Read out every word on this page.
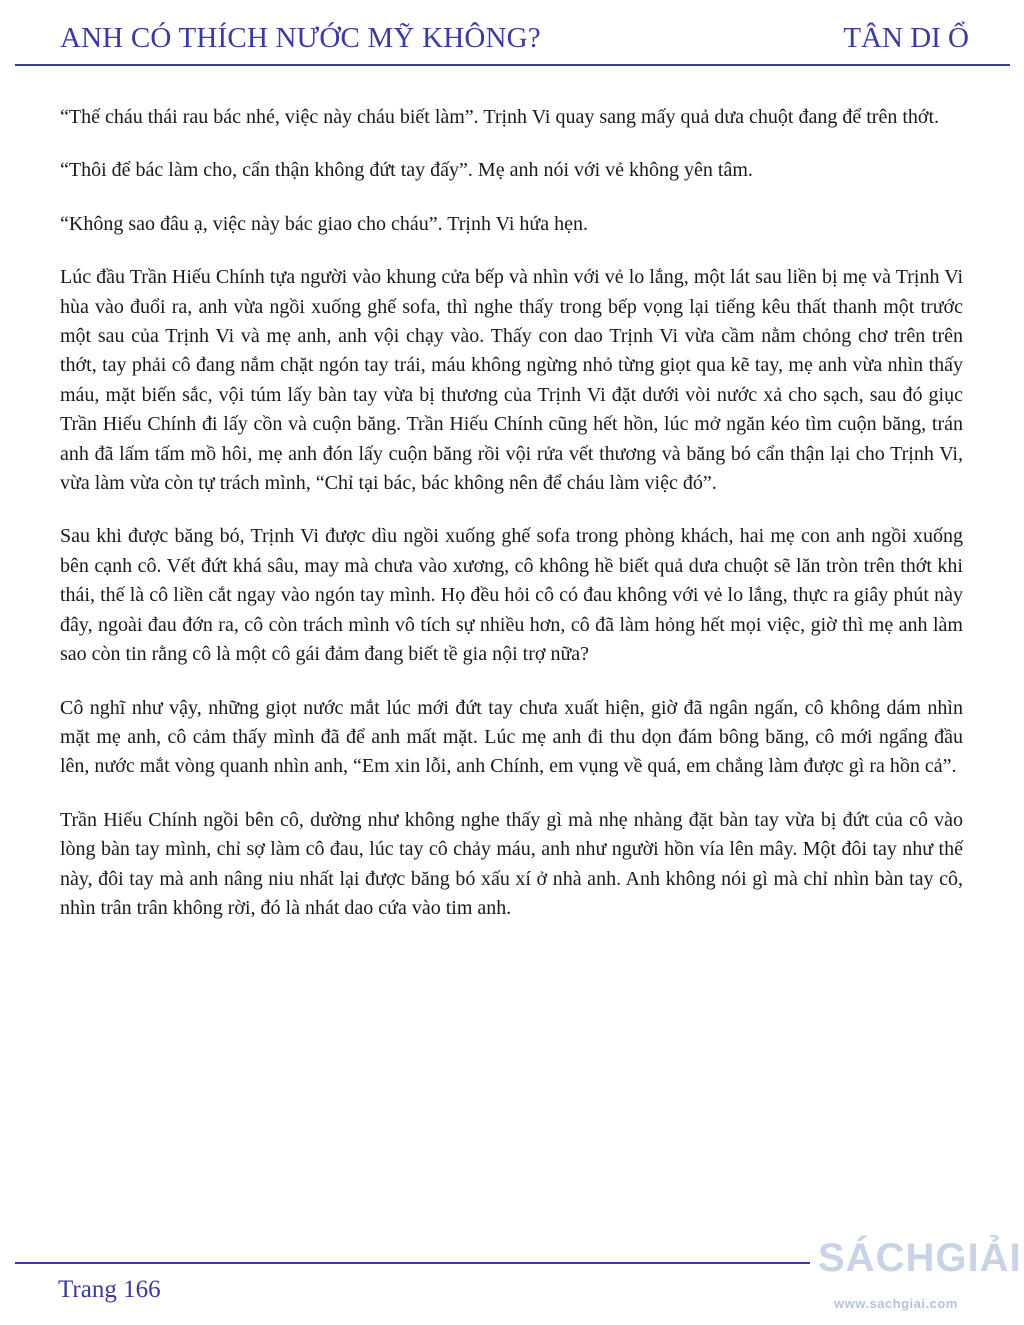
ANH CÓ THÍCH NƯỚC MỸ KHÔNG?	TÂN DI Ổ

“Thế cháu thái rau bác nhé, việc này cháu biết làm”. Trịnh Vi quay sang mấy quả dưa chuột đang để trên thớt.

“Thôi để bác làm cho, cẩn thận không đứt tay đấy”. Mẹ anh nói với vẻ không yên tâm.

“Không sao đâu ạ, việc này bác giao cho cháu”. Trịnh Vi hứa hẹn.

Lúc đầu Trần Hiếu Chính tựa người vào khung cửa bếp và nhìn với vẻ lo lắng, một lát sau liền bị mẹ và Trịnh Vi hùa vào đuổi ra, anh vừa ngồi xuống ghế sofa, thì nghe thấy trong bếp vọng lại tiếng kêu thất thanh một trước một sau của Trịnh Vi và mẹ anh, anh vội chạy vào. Thấy con dao Trịnh Vi vừa cầm nằm chỏng chơ trên trên thớt, tay phải cô đang nắm chặt ngón tay trái, máu không ngừng nhỏ từng giọt qua kẽ tay, mẹ anh vừa nhìn thấy máu, mặt biến sắc, vội túm lấy bàn tay vừa bị thương của Trịnh Vi đặt dưới vòi nước xả cho sạch, sau đó giục Trần Hiếu Chính đi lấy cồn và cuộn băng. Trần Hiếu Chính cũng hết hồn, lúc mở ngăn kéo tìm cuộn băng, trán anh đã lấm tấm mồ hôi, mẹ anh đón lấy cuộn băng rồi vội rửa vết thương và băng bó cẩn thận lại cho Trịnh Vi, vừa làm vừa còn tự trách mình, “Chỉ tại bác, bác không nên để cháu làm việc đó”.

Sau khi được băng bó, Trịnh Vi được dìu ngồi xuống ghế sofa trong phòng khách, hai mẹ con anh ngồi xuống bên cạnh cô. Vết đứt khá sâu, may mà chưa vào xương, cô không hề biết quả dưa chuột sẽ lăn tròn trên thớt khi thái, thế là cô liền cắt ngay vào ngón tay mình. Họ đều hỏi cô có đau không với vẻ lo lắng, thực ra giây phút này đây, ngoài đau đớn ra, cô còn trách mình vô tích sự nhiều hơn, cô đã làm hỏng hết mọi việc, giờ thì mẹ anh làm sao còn tin rằng cô là một cô gái đảm đang biết tề gia nội trợ nữa?

Cô nghĩ như vậy, những giọt nước mắt lúc mới đứt tay chưa xuất hiện, giờ đã ngân ngấn, cô không dám nhìn mặt mẹ anh, cô cảm thấy mình đã để anh mất mặt. Lúc mẹ anh đi thu dọn đám bông băng, cô mới ngẩng đầu lên, nước mắt vòng quanh nhìn anh, “Em xin lỗi, anh Chính, em vụng về quá, em chẳng làm được gì ra hồn cả”.

Trần Hiếu Chính ngồi bên cô, dường như không nghe thấy gì mà nhẹ nhàng đặt bàn tay vừa bị đứt của cô vào lòng bàn tay mình, chỉ sợ làm cô đau, lúc tay cô chảy máu, anh như người hồn vía lên mây. Một đôi tay như thế này, đôi tay mà anh nâng niu nhất lại được băng bó xấu xí ở nhà anh. Anh không nói gì mà chỉ nhìn bàn tay cô, nhìn trân trân không rời, đó là nhát dao cứa vào tim anh.

Trang 166
SÁCHGIẢI
www.sachgiai.com
